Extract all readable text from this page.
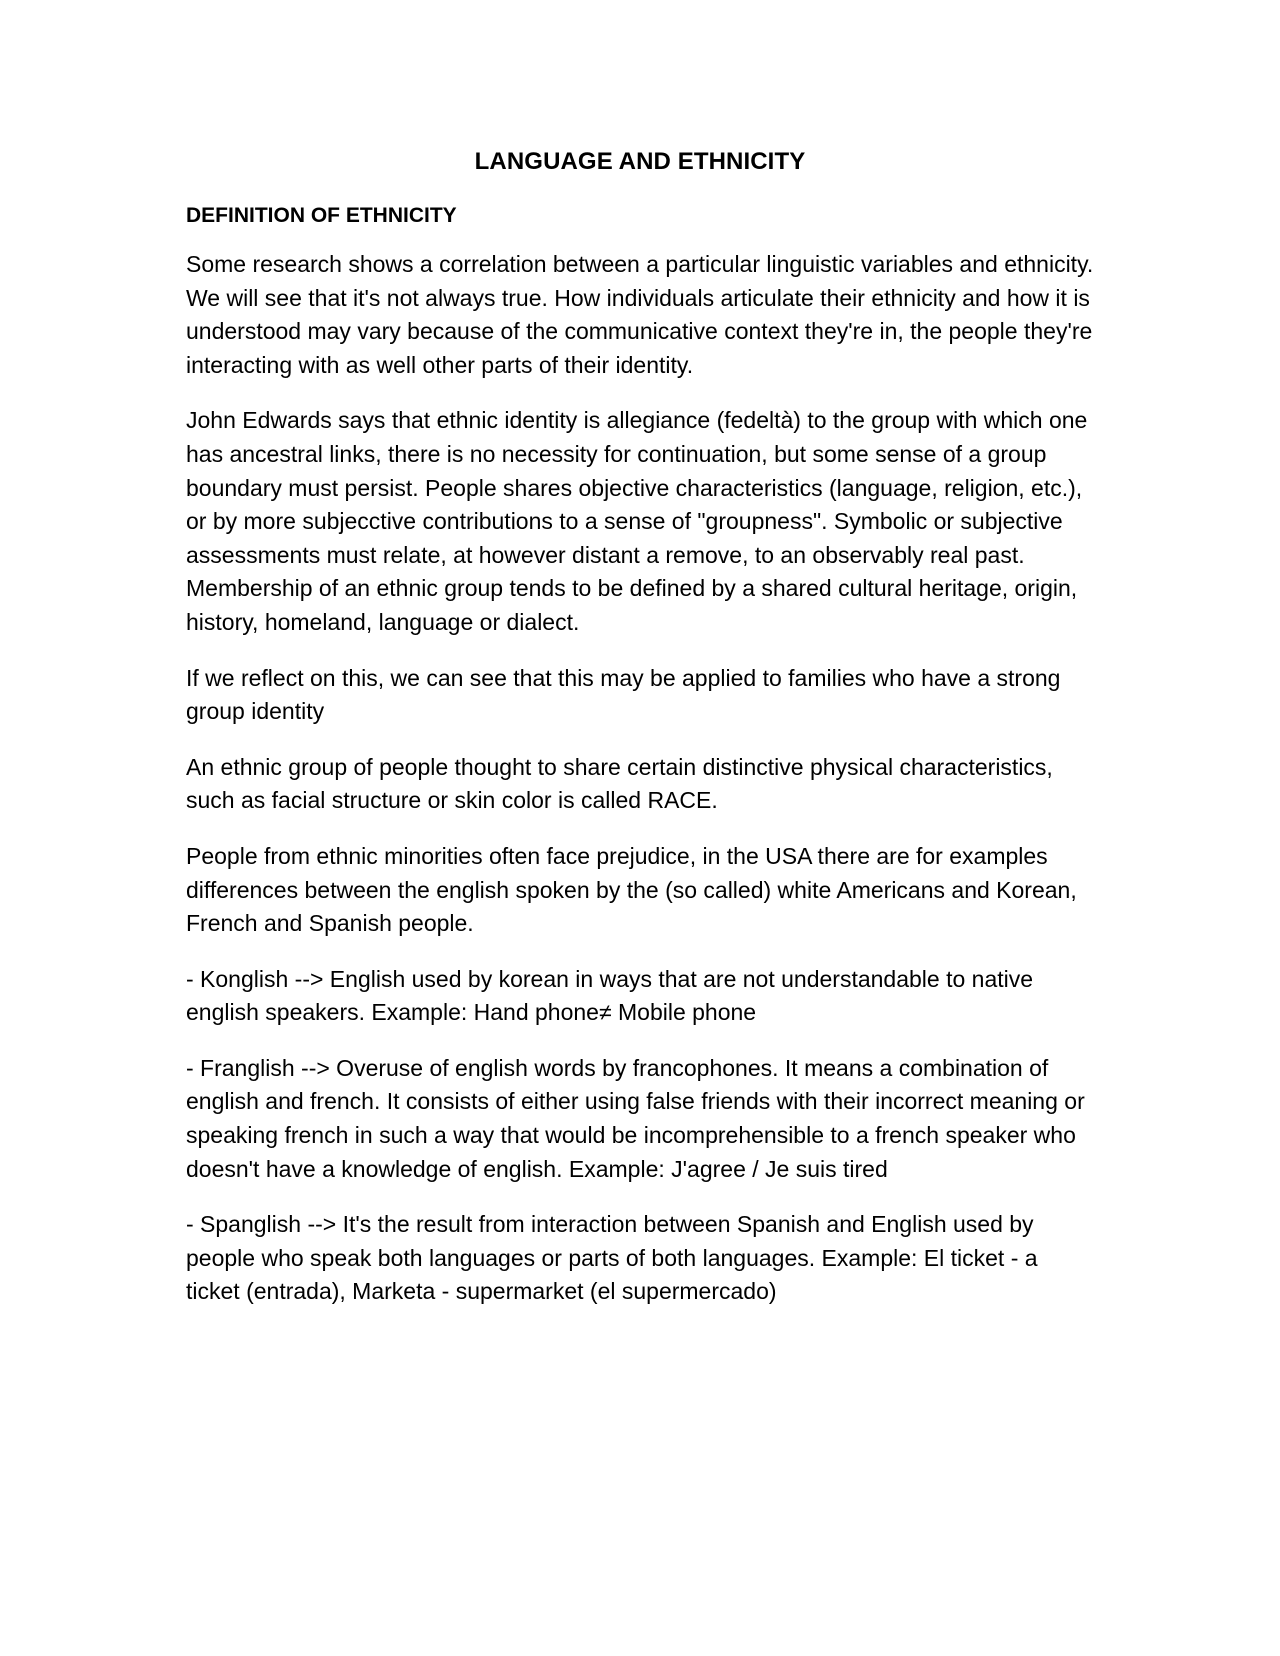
LANGUAGE AND ETHNICITY
DEFINITION OF ETHNICITY

Some research shows a correlation between a particular linguistic variables and ethnicity. We will see that it's not always true. How individuals articulate their ethnicity and how it is understood may vary because of the communicative context they're in, the people they're interacting with as well other parts of their identity.

John Edwards says that ethnic identity is allegiance (fedeltà) to the group with which one has ancestral links, there is no necessity for continuation, but some sense of a group boundary must persist. People shares objective characteristics (language, religion, etc.), or by more subjecctive contributions to a sense of "groupness". Symbolic or subjective assessments must relate, at however distant a remove, to an observably real past. Membership of an ethnic group tends to be defined by a shared cultural heritage, origin, history, homeland, language or dialect.

If we reflect on this, we can see that this may be applied to families who have a strong group identity

An ethnic group of people thought to share certain distinctive physical characteristics, such as facial structure or skin color is called RACE.

People from ethnic minorities often face prejudice, in the USA there are for examples differences between the english spoken by the (so called) white Americans and Korean, French and Spanish people.

- Konglish --> English used by korean in ways that are not understandable to native english speakers. Example: Hand phone≠ Mobile phone

- Franglish --> Overuse of english words by francophones. It means a combination of english and french. It consists of either using false friends with their incorrect meaning or speaking french in such a way that would be incomprehensible to a french speaker who doesn't have a knowledge of english. Example: J'agree / Je suis tired

- Spanglish --> It's the result from interaction between Spanish and English used by people who speak both languages or parts of both languages. Example: El ticket - a ticket (entrada), Marketa - supermarket (el supermercado)
